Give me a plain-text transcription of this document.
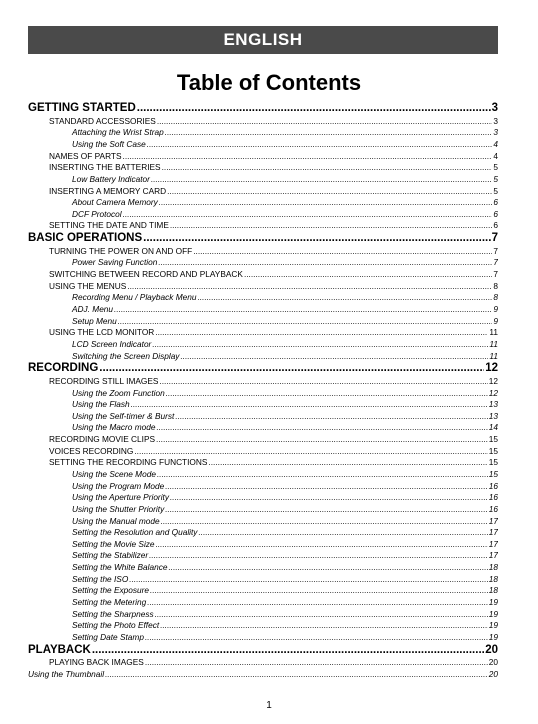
ENGLISH
Table of Contents
GETTING STARTED .....	3
STANDARD ACCESSORIES .....	3
Attaching the Wrist Strap .....	3
Using the Soft Case .....	4
NAMES OF PARTS .....	4
INSERTING THE BATTERIES .....	5
Low Battery Indicator .....	5
INSERTING A MEMORY CARD .....	5
About Camera Memory .....	6
DCF Protocol .....	6
SETTING THE DATE AND TIME .....	6
BASIC OPERATIONS .....	7
TURNING THE POWER ON AND OFF .....	7
Power Saving Function .....	7
SWITCHING BETWEEN RECORD AND PLAYBACK .....	7
USING THE MENUS .....	8
Recording Menu / Playback Menu .....	8
ADJ. Menu .....	9
Setup Menu .....	9
USING THE LCD MONITOR .....	11
LCD Screen Indicator .....	11
Switching the Screen Display .....	11
RECORDING .....	12
RECORDING STILL IMAGES .....	12
Using the Zoom Function .....	12
Using the Flash .....	13
Using the Self-timer & Burst .....	13
Using the Macro mode .....	14
RECORDING MOVIE CLIPS .....	15
VOICES RECORDING .....	15
SETTING THE RECORDING FUNCTIONS .....	15
Using the Scene Mode .....	15
Using the Program Mode .....	16
Using the Aperture Priority .....	16
Using the Shutter Priority .....	16
Using the Manual mode .....	17
Setting the Resolution and Quality .....	17
Setting the Movie Size .....	17
Setting the Stabilizer .....	17
Setting the White Balance .....	18
Setting the ISO .....	18
Setting the Exposure .....	18
Setting the Metering .....	19
Setting the Sharpness .....	19
Setting the Photo Effect .....	19
Setting Date Stamp .....	19
PLAYBACK .....	20
PLAYING BACK IMAGES .....	20
Using the Thumbnail .....	20
1
